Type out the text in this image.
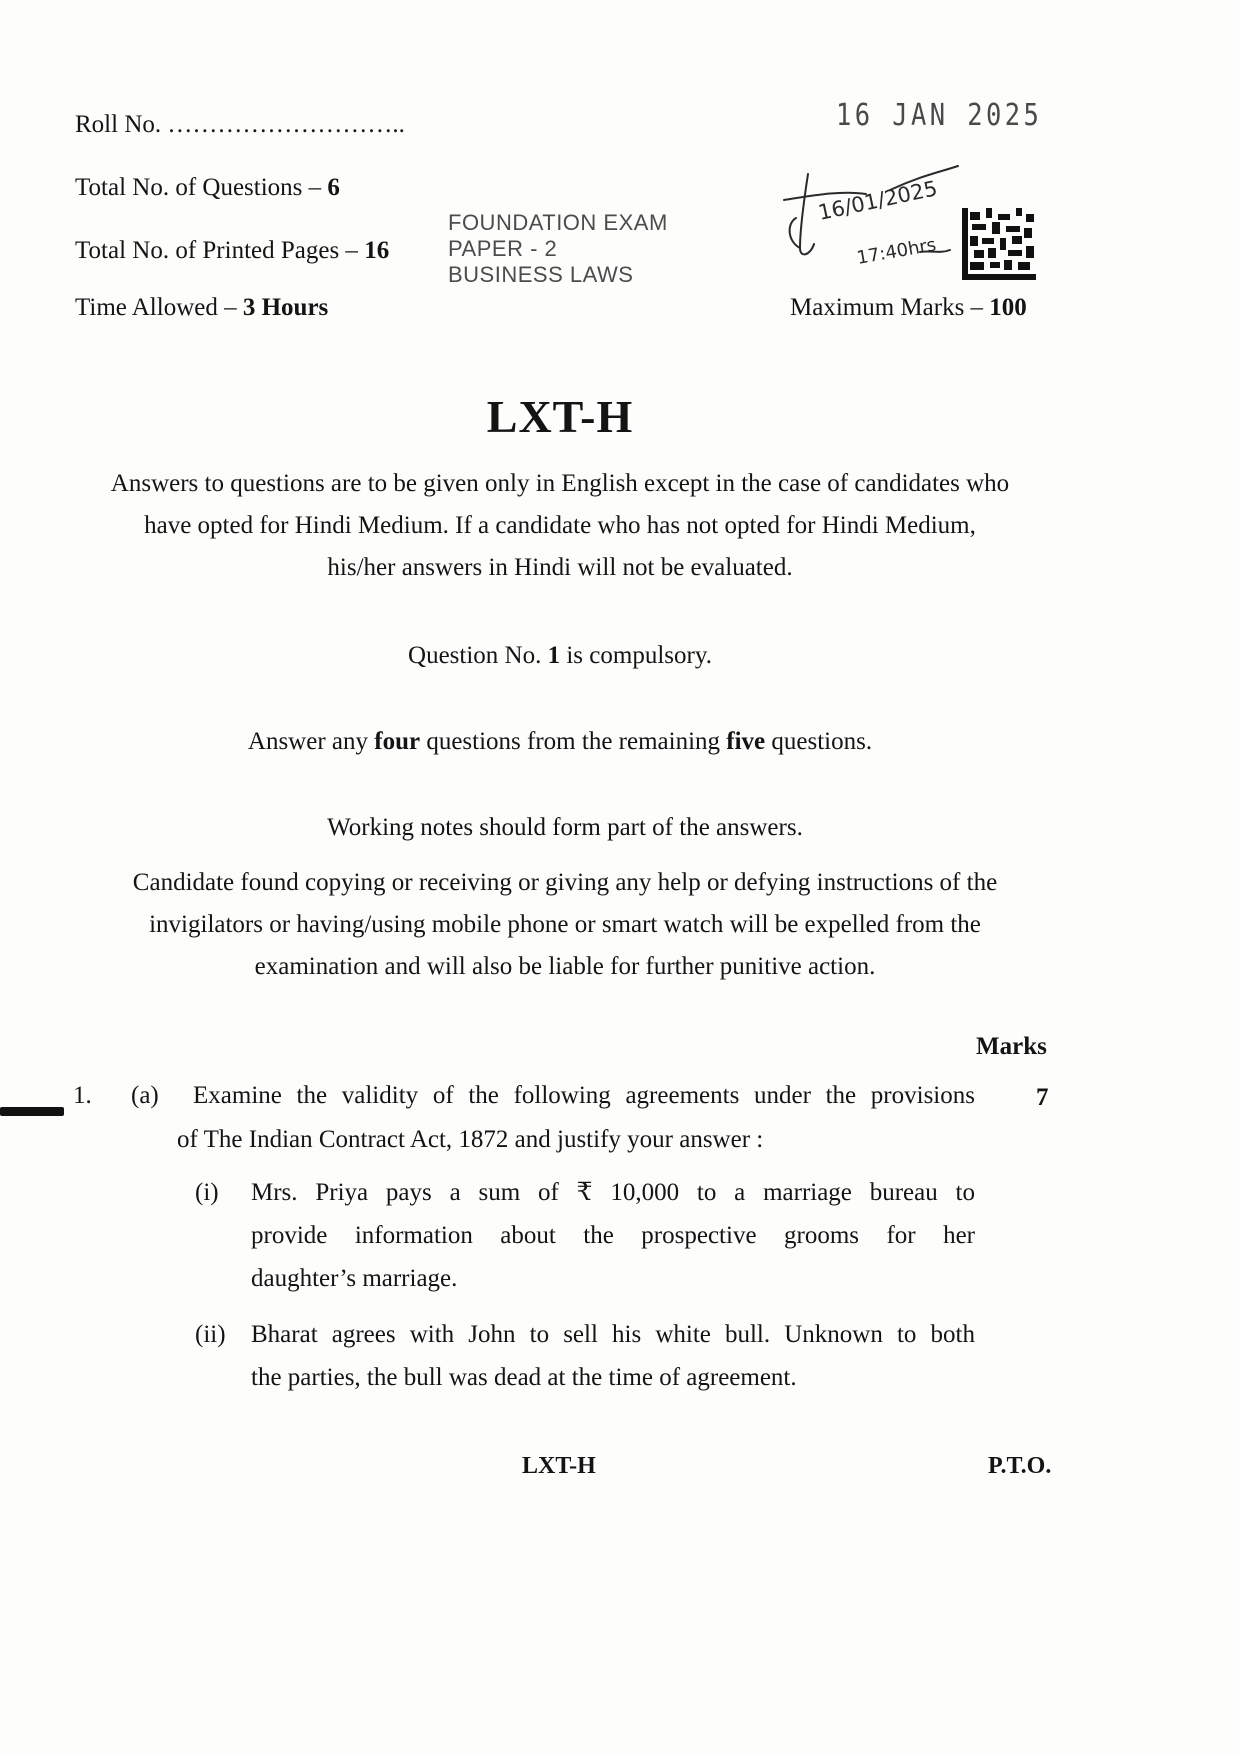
Roll No. ………………………..
Total No. of Questions – 6
Total No. of Printed Pages – 16
Time Allowed – 3 Hours	Maximum Marks – 100
16 JAN 2025
FOUNDATION EXAM
PAPER - 2
BUSINESS LAWS
16/01/2025
17:40hrs
LXT-H
Answers to questions are to be given only in English except in the case of candidates who
have opted for Hindi Medium. If a candidate who has not opted for Hindi Medium,
his/her answers in Hindi will not be evaluated.
Question No. 1 is compulsory.
Answer any four questions from the remaining five questions.
Working notes should form part of the answers.
Candidate found copying or receiving or giving any help or defying instructions of the
invigilators or having/using mobile phone or smart watch will be expelled from the
examination and will also be liable for further punitive action.
Marks
1. (a) Examine the validity of the following agreements under the provisions
of The Indian Contract Act, 1872 and justify your answer :
7
(i) Mrs. Priya pays a sum of ₹ 10,000 to a marriage bureau to
provide information about the prospective grooms for her
daughter’s marriage.
(ii) Bharat agrees with John to sell his white bull. Unknown to both
the parties, the bull was dead at the time of agreement.
LXT-H	P.T.O.
